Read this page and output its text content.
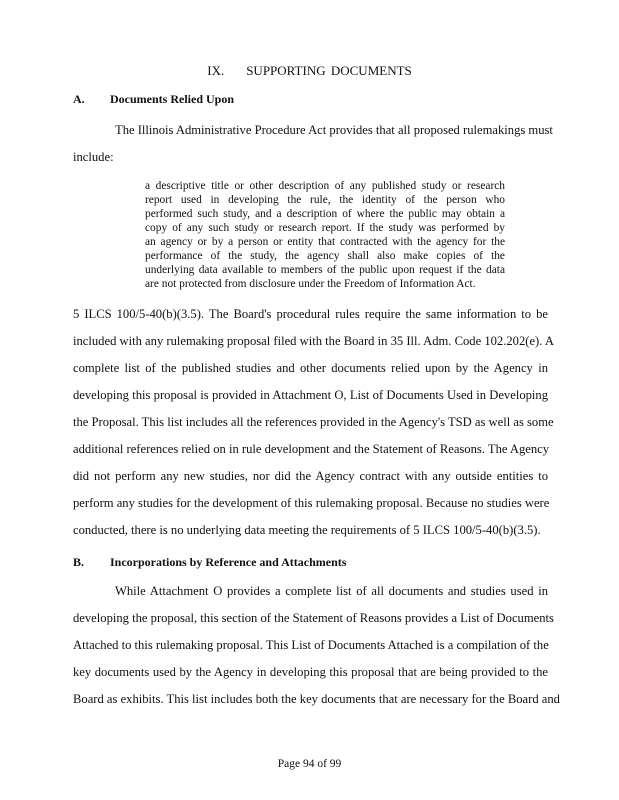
IX. SUPPORTING DOCUMENTS
A. Documents Relied Upon
The Illinois Administrative Procedure Act provides that all proposed rulemakings must
include:
a descriptive title or other description of any published study or research
report used in developing the rule, the identity of the person who
performed such study, and a description of where the public may obtain a
copy of any such study or research report. If the study was performed by
an agency or by a person or entity that contracted with the agency for the
performance of the study, the agency shall also make copies of the
underlying data available to members of the public upon request if the data
are not protected from disclosure under the Freedom of Information Act.
5 ILCS 100/5-40(b)(3.5). The Board's procedural rules require the same information to be
included with any rulemaking proposal filed with the Board in 35 Ill. Adm. Code 102.202(e). A
complete list of the published studies and other documents relied upon by the Agency in
developing this proposal is provided in Attachment O, List of Documents Used in Developing
the Proposal. This list includes all the references provided in the Agency's TSD as well as some
additional references relied on in rule development and the Statement of Reasons. The Agency
did not perform any new studies, nor did the Agency contract with any outside entities to
perform any studies for the development of this rulemaking proposal. Because no studies were
conducted, there is no underlying data meeting the requirements of 5 ILCS 100/5-40(b)(3.5).
B. Incorporations by Reference and Attachments
While Attachment O provides a complete list of all documents and studies used in
developing the proposal, this section of the Statement of Reasons provides a List of Documents
Attached to this rulemaking proposal. This List of Documents Attached is a compilation of the
key documents used by the Agency in developing this proposal that are being provided to the
Board as exhibits. This list includes both the key documents that are necessary for the Board and
Page 94 of 99
